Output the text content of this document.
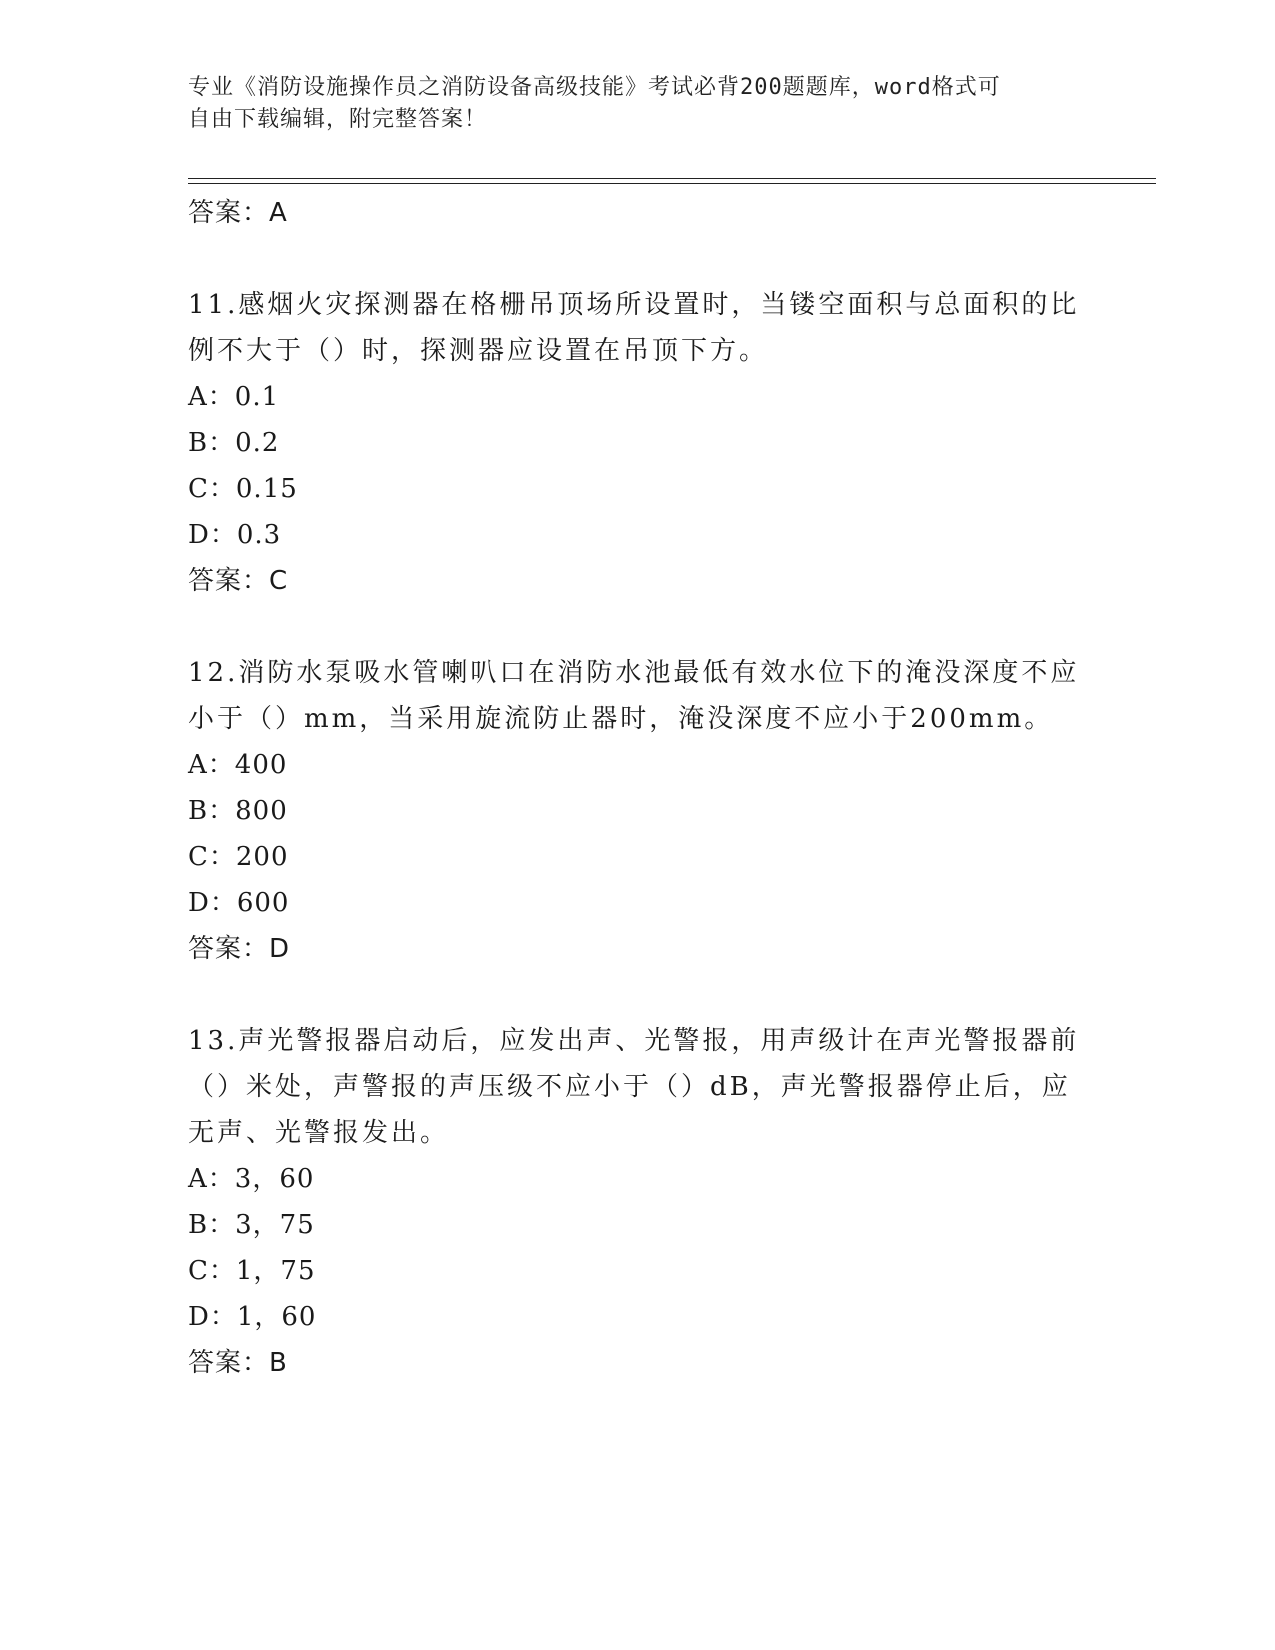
专业《消防设施操作员之消防设备高级技能》考试必背200题题库，word格式可
自由下载编辑，附完整答案！
答案：A
11.感烟火灾探测器在格栅吊顶场所设置时，当镂空面积与总面积的比
例不大于（）时，探测器应设置在吊顶下方。
A：0.1
B：0.2
C：0.15
D：0.3
答案：C
12.消防水泵吸水管喇叭口在消防水池最低有效水位下的淹没深度不应
小于（）mm，当采用旋流防止器时，淹没深度不应小于200mm。
A：400
B：800
C：200
D：600
答案：D
13.声光警报器启动后，应发出声、光警报，用声级计在声光警报器前
（）米处，声警报的声压级不应小于（）dB，声光警报器停止后，应
无声、光警报发出。
A：3，60
B：3，75
C：1，75
D：1，60
答案：B
